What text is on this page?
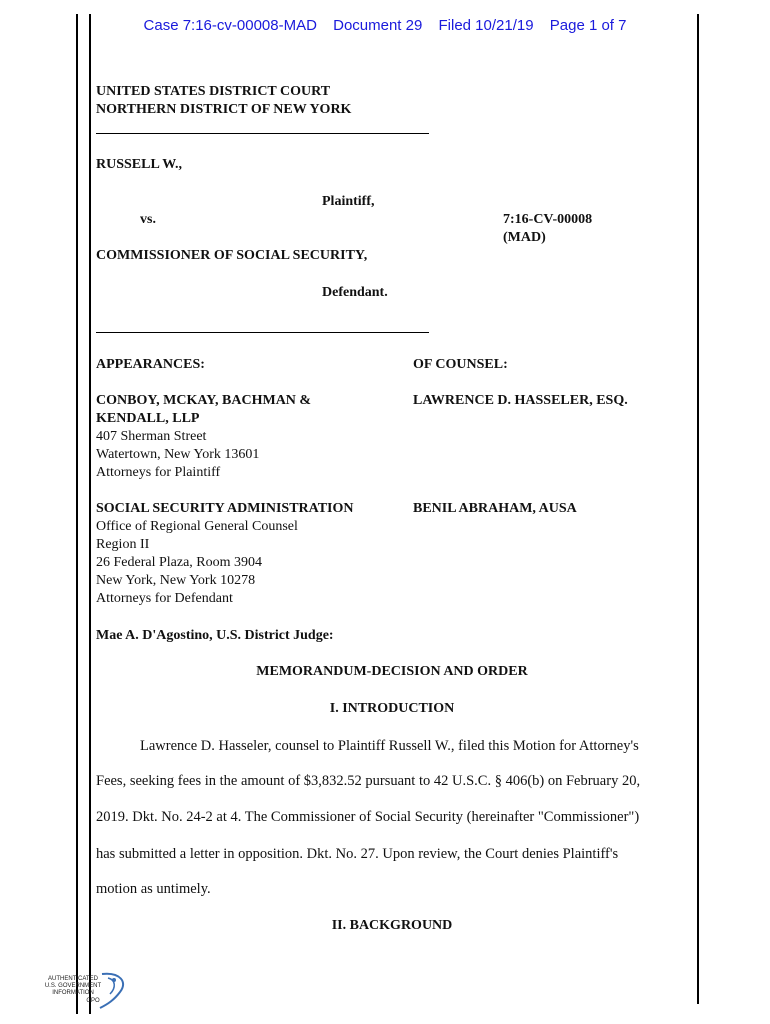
Case 7:16-cv-00008-MAD Document 29 Filed 10/21/19 Page 1 of 7
UNITED STATES DISTRICT COURT
NORTHERN DISTRICT OF NEW YORK
RUSSELL W.,
Plaintiff,
vs.	7:16-CV-00008
(MAD)
COMMISSIONER OF SOCIAL SECURITY,
Defendant.
APPEARANCES:	OF COUNSEL:
CONBOY, MCKAY, BACHMAN &
KENDALL, LLP
407 Sherman Street
Watertown, New York 13601
Attorneys for Plaintiff
LAWRENCE D. HASSELER, ESQ.
SOCIAL SECURITY ADMINISTRATION
Office of Regional General Counsel
Region II
26 Federal Plaza, Room 3904
New York, New York 10278
Attorneys for Defendant
BENIL ABRAHAM, AUSA
Mae A. D'Agostino, U.S. District Judge:
MEMORANDUM-DECISION AND ORDER
I. INTRODUCTION
Lawrence D. Hasseler, counsel to Plaintiff Russell W., filed this Motion for Attorney's
Fees, seeking fees in the amount of $3,832.52 pursuant to 42 U.S.C. § 406(b) on February 20,
2019. Dkt. No. 24-2 at 4. The Commissioner of Social Security (hereinafter "Commissioner")
has submitted a letter in opposition. Dkt. No. 27. Upon review, the Court denies Plaintiff's
motion as untimely.
II. BACKGROUND
AUTHENTICATED
U.S. GOVERNMENT
INFORMATION
GPO
